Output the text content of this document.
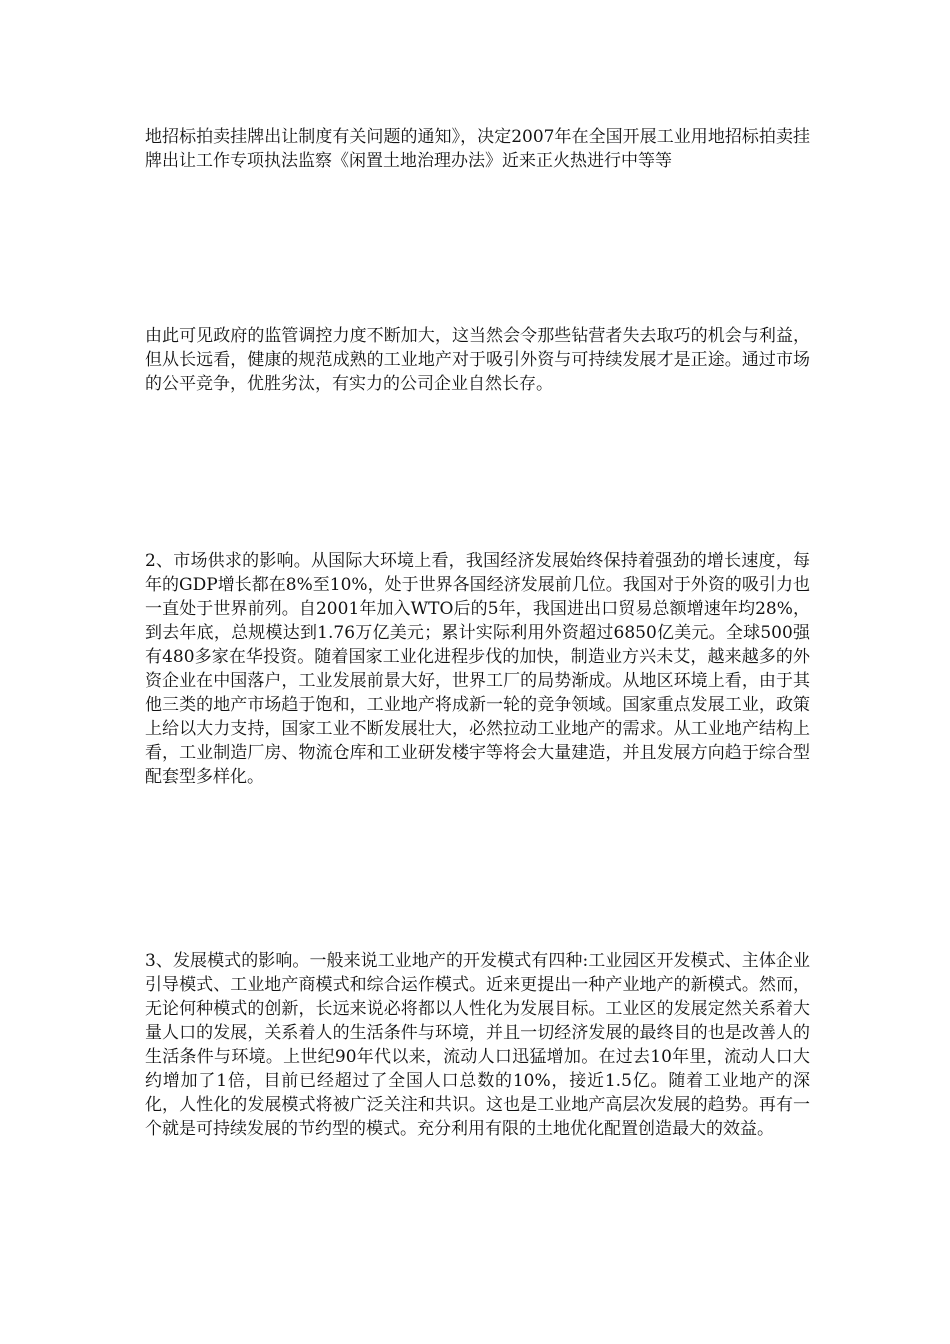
地招标拍卖挂牌出让制度有关问题的通知》，决定2007年在全国开展工业用地招标拍卖挂牌出让工作专项执法监察《闲置土地治理办法》近来正火热进行中等等

由此可见政府的监管调控力度不断加大，这当然会令那些钻营者失去取巧的机会与利益，但从长远看，健康的规范成熟的工业地产对于吸引外资与可持续发展才是正途。通过市场的公平竞争，优胜劣汰，有实力的公司企业自然长存。

2、市场供求的影响。从国际大环境上看，我国经济发展始终保持着强劲的增长速度，每年的GDP增长都在8%至10%，处于世界各国经济发展前几位。我国对于外资的吸引力也一直处于世界前列。自2001年加入WTO后的5年，我国进出口贸易总额增速年均28%，到去年底，总规模达到1.76万亿美元；累计实际利用外资超过6850亿美元。全球500强有480多家在华投资。随着国家工业化进程步伐的加快，制造业方兴未艾，越来越多的外资企业在中国落户，工业发展前景大好，世界工厂的局势渐成。从地区环境上看，由于其他三类的地产市场趋于饱和，工业地产将成新一轮的竞争领域。国家重点发展工业，政策上给以大力支持，国家工业不断发展壮大，必然拉动工业地产的需求。从工业地产结构上看，工业制造厂房、物流仓库和工业研发楼宇等将会大量建造，并且发展方向趋于综合型配套型多样化。

3、发展模式的影响。一般来说工业地产的开发模式有四种:工业园区开发模式、主体企业引导模式、工业地产商模式和综合运作模式。近来更提出一种产业地产的新模式。然而，无论何种模式的创新，长远来说必将都以人性化为发展目标。工业区的发展定然关系着大量人口的发展，关系着人的生活条件与环境，并且一切经济发展的最终目的也是改善人的生活条件与环境。上世纪90年代以来，流动人口迅猛增加。在过去10年里，流动人口大约增加了1倍，目前已经超过了全国人口总数的10%，接近1.5亿。随着工业地产的深化，人性化的发展模式将被广泛关注和共识。这也是工业地产高层次发展的趋势。再有一个就是可持续发展的节约型的模式。充分利用有限的土地优化配置创造最大的效益。
